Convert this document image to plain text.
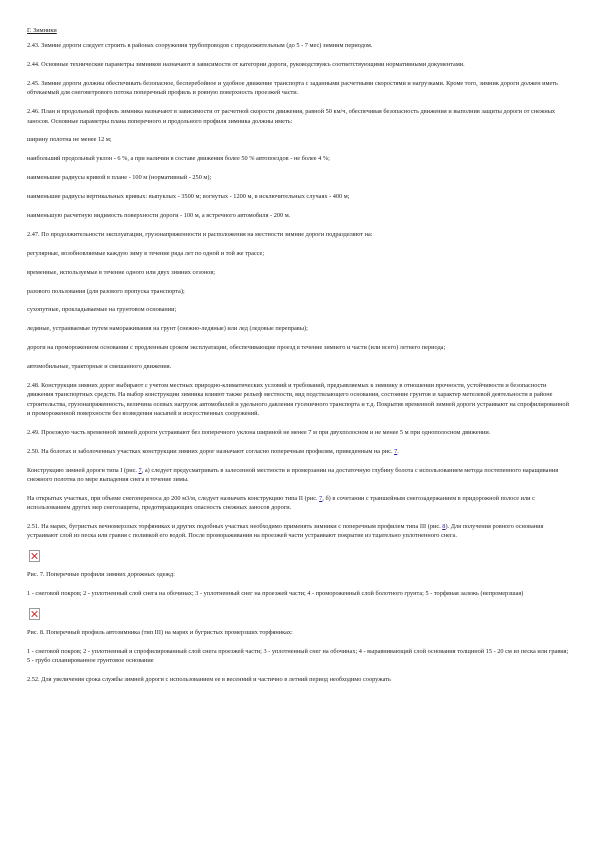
Г. Зимники

2.43. Зимние дороги следует строить в районах сооружения трубопроводов с продолжительным (до 5 - 7 мес) зимним периодом.

2.44. Основные технические параметры зимников назначают в зависимости от категории дороги, руководствуясь соответствующими нормативными документами.

2.45. Зимние дороги должны обеспечивать безопасное, бесперебойное и удобное движение транспорта с заданными расчетными скоростями и нагрузками. Кроме того, зимник дороги должен иметь обтекаемый для снеговетрового потока поперечный профиль и ровную поверхность проезжей части.

2.46. План и продольный профиль зимника назначают в зависимости от расчетной скорости движения, равной 50 км/ч, обеспечивая безопасность движения и выполнив защиты дороги от снежных заносов. Основные параметры плана поперечного и продольного профиля зимника должны иметь:

ширину полотна не менее 12 м;

наибольший продольный уклон - 6 %, а при наличии в составе движения более 50 % автопоездов - не более 4 %;

наименьшие радиусы кривой в плане - 100 м (нормативный - 250 м);

наименьшие радиусы вертикальных кривых: выпуклых - 3500 м; вогнутых - 1200 м, в исключительных случаях - 400 м;

наименьшую расчетную видимость поверхности дороги - 100 м, а встречного автомобиля - 200 м.

2.47. По продолжительности эксплуатации, грузонапряженности и расположения на местности зимние дороги подразделяют на:

регулярные, возобновляемые каждую зиму в течение ряда лет по одной и той же трассе;

временные, используемые в течение одного или двух зимних сезонов;

разового пользования (для разового пропуска транспорта);

сухопутные, прокладываемые на грунтовом основании;

ледяные, устраиваемые путем намораживания на грунт (снежно-ледяные) или лед (ледовые переправы);

дороги на промороженном основании с продленным сроком эксплуатации, обеспечивающие проезд в течение зимнего и части (или всего) летнего периода;

автомобильные, тракторные и смешанного движения.

2.48. Конструкции зимних дорог выбирают с учетом местных природно-климатических условий и требований, предъявляемых к зимнику в отношении прочности, устойчивости и безопасности движения транспортных средств. На выбор конструкции зимника влияют также рельеф местности, вид подстилающего основания, состояние грунтов и характер метелевой деятельности в районе строительства, грузонапряженность, величина осевых нагрузок автомобилей и удельного давления гусеничного транспорта и т.д. Покрытие временной зимней дороги устраивают на спрофилированной и промороженной поверхности без возведения насыпей и искусственных сооружений.

2.49. Проезжую часть временной зимней дороги устраивают без поперечного уклона шириной не менее 7 м при двухполосном и не менее 5 м при однополосном движении.

2.50. На болотах и заболоченных участках конструкции зимних дорог назначают согласно поперечным профилям, приведенным на рис. 7.

Конструкцию зимней дороги типа I (рис. 7, а) следует предусматривать в залесенной местности и промерзании на достаточную глубину болота с использованием метода постепенного наращивания снежного полотна по мере выпадения снега в течение зимы.

На открытых участках, при объеме снегопереноса до 200 м3/м, следует назначать конструкцию типа II (рис. 7, б) в сочетании с траншейным снегозадержанием в придорожной полосе или с использованием других мер снегозащиты, предотвращающих опасность снежных заносов дороги.

2.51. На марях, бугристых вечномерзлых торфяниках и других подобных участках необходимо применять зимники с поперечным профилем типа III (рис. 8). Для получения ровного основания устраивают слой из песка или гравия с поливкой его водой. После промораживания на проезжей части устраивают покрытие из тщательно уплотненного снега.

Рис. 7. Поперечные профили зимних дорожных одежд:

1 - снеговой покров; 2 - уплотненный слой снега на обочинах; 3 - уплотненный снег на проезжей части; 4 - промороженный слой болотного грунта; 5 - торфяная залежь (непромерзшая)

Рис. 8. Поперечный профиль автозимника (тип III) на марях и бугристых промерзших торфяниках:

1 - снеговой покров; 2 - уплотненный и спрофилированный слой снега проезжей части; 3 - уплотненный снег на обочинах; 4 - выравнивающий слой основания толщиной 15 - 20 см из песка или гравия; 5 - грубо спланированное грунтовое основание

2.52. Для увеличения срока службы зимней дороги с использованием ее в весенний и частично в летний период необходимо сооружать
